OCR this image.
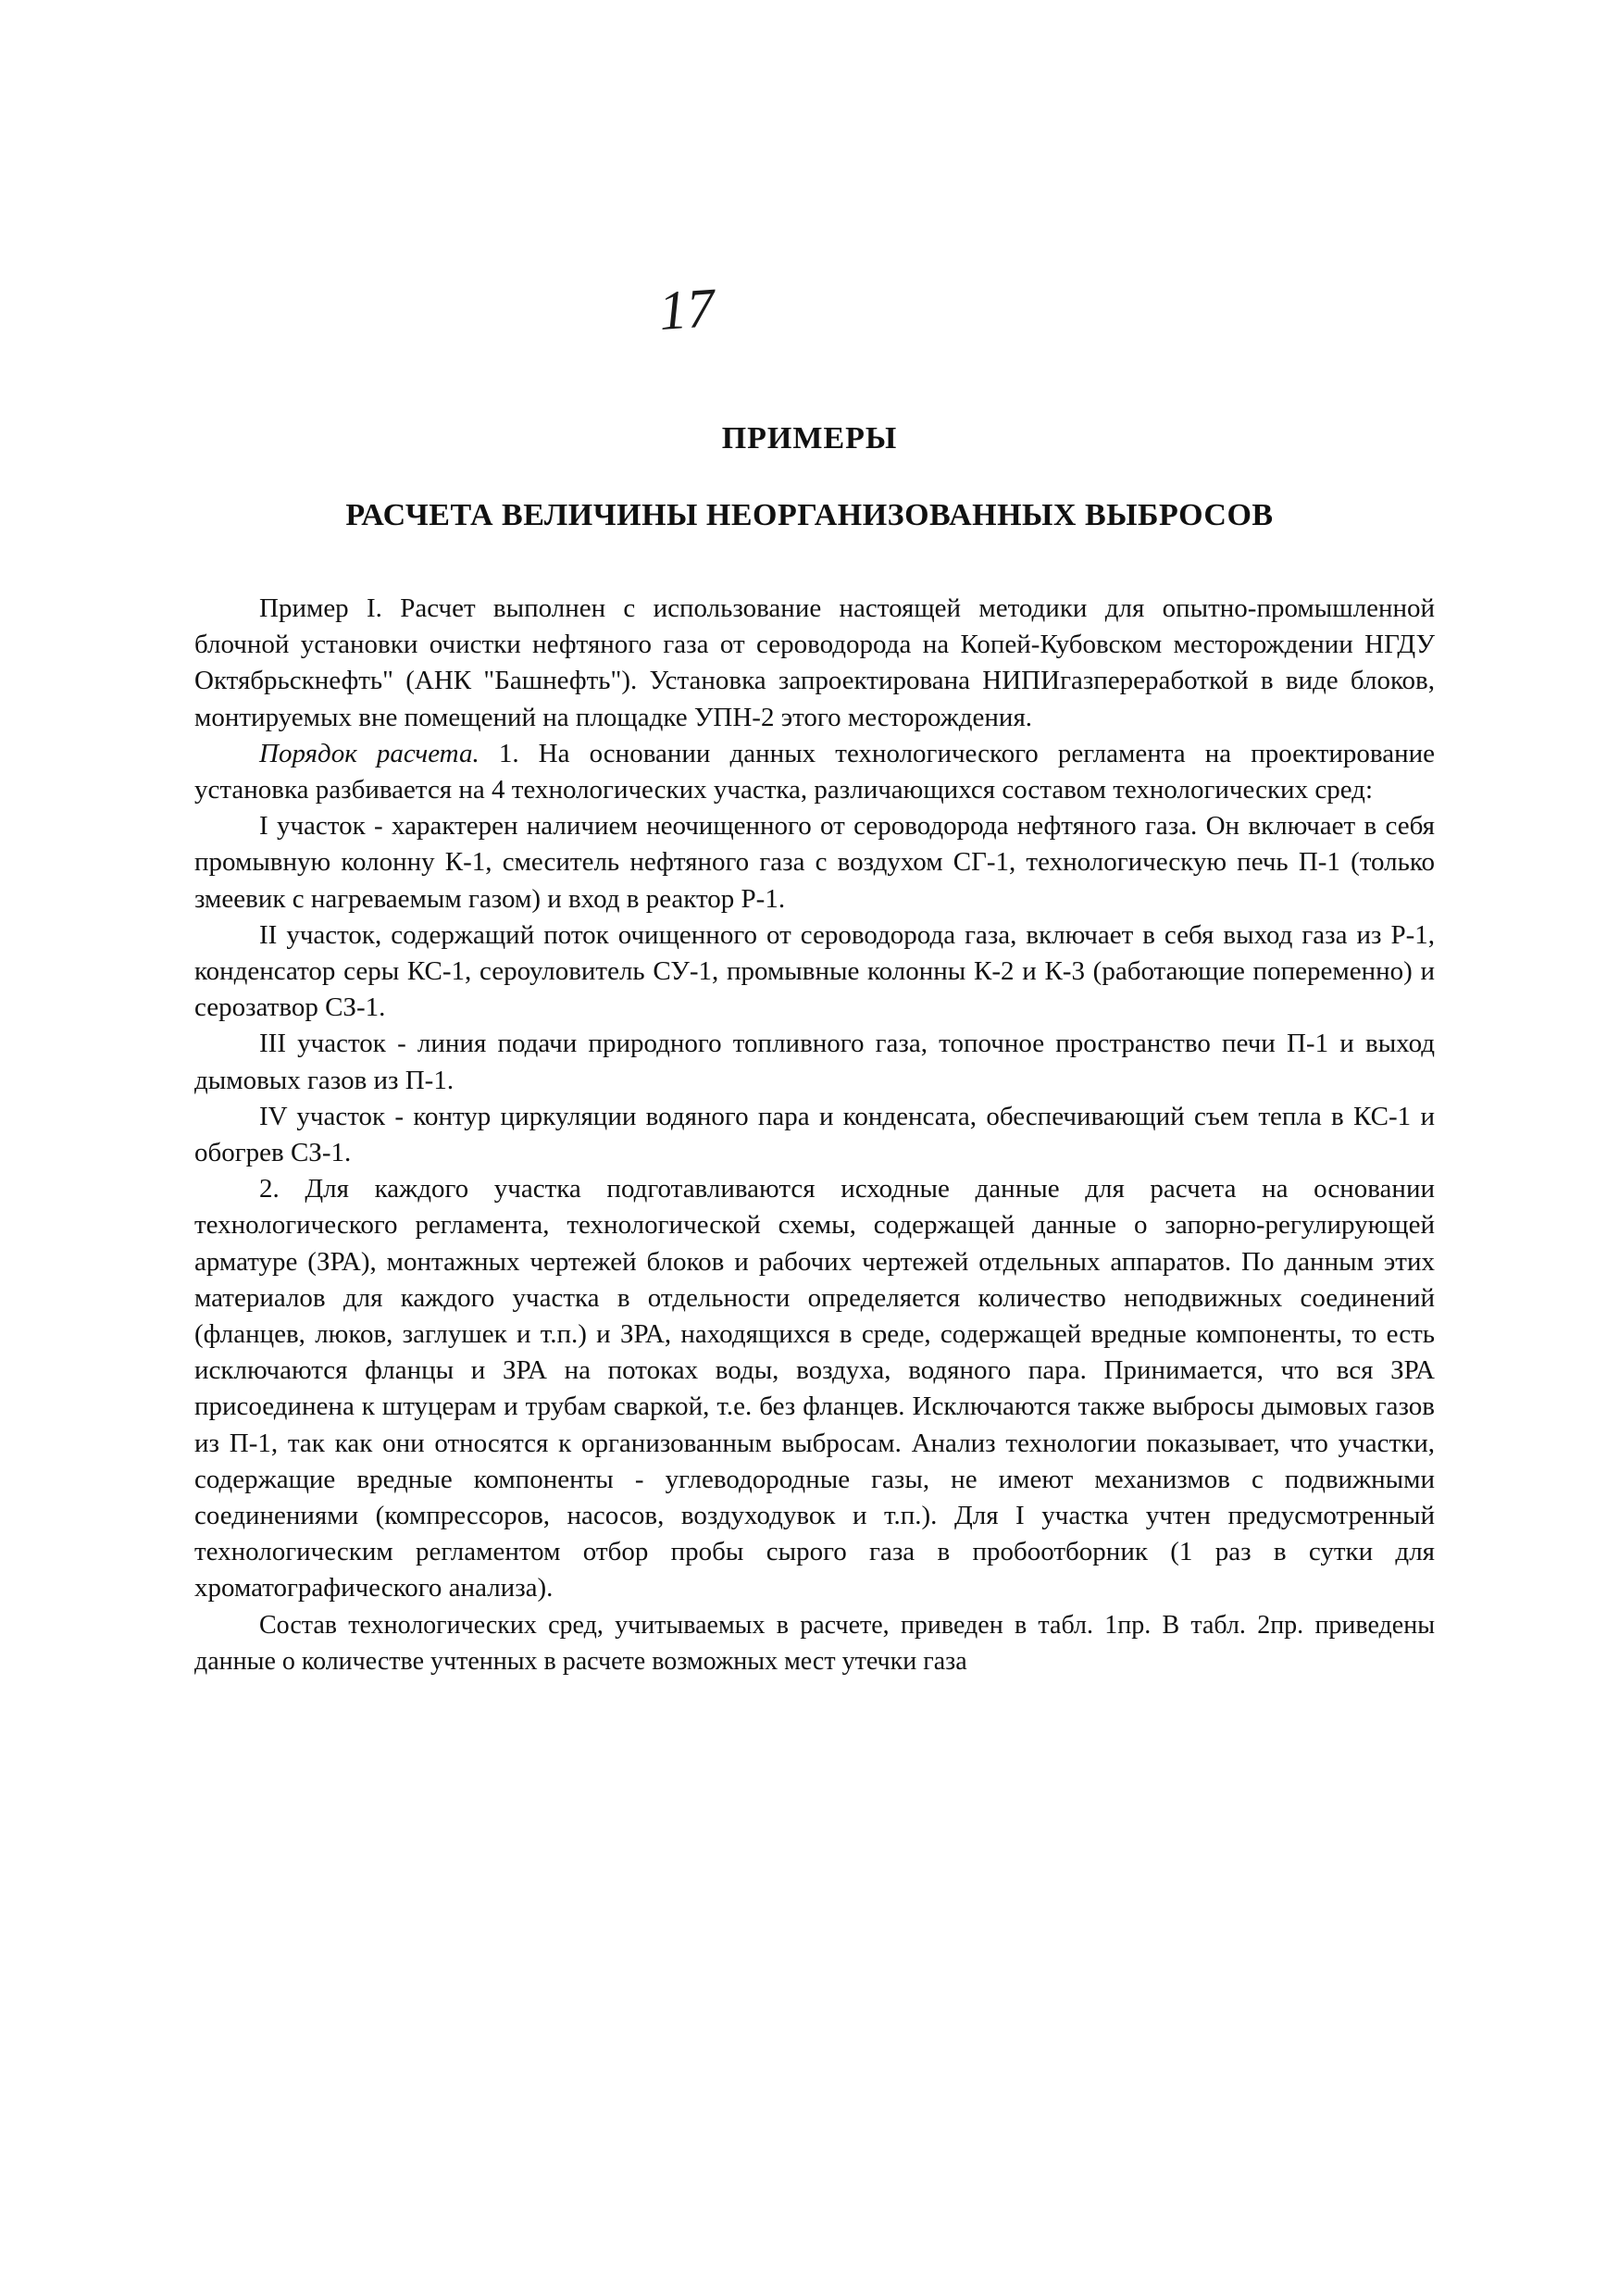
17
ПРИМЕРЫ
РАСЧЕТА ВЕЛИЧИНЫ НЕОРГАНИЗОВАННЫХ ВЫБРОСОВ

Пример I. Расчет выполнен с использование настоящей методики для опытно-промышленной блочной установки очистки нефтяного газа от сероводорода на Копей-Кубовском месторождении НГДУ Октябрьскнефть" (АНК "Башнефть"). Установка запроектирована НИПИгазпереработкой в виде блоков, монтируемых вне помещений на площадке УПН-2 этого месторождения.

Порядок расчета. 1. На основании данных технологического регламента на проектирование установка разбивается на 4 технологических участка, различающихся составом технологических сред:

I участок - характерен наличием неочищенного от сероводорода нефтяного газа. Он включает в себя промывную колонну К-1, смеситель нефтяного газа с воздухом СГ-1, технологическую печь П-1 (только змеевик с нагреваемым газом) и вход в реактор Р-1.

II участок, содержащий поток очищенного от сероводорода газа, включает в себя выход газа из Р-1, конденсатор серы КС-1, сероуловитель СУ-1, промывные колонны К-2 и К-3 (работающие попеременно) и серозатвор СЗ-1.

III участок - линия подачи природного топливного газа, топочное пространство печи П-1 и выход дымовых газов из П-1.

IV участок - контур циркуляции водяного пара и конденсата, обеспечивающий съем тепла в КС-1 и обогрев СЗ-1.

2. Для каждого участка подготавливаются исходные данные для расчета на основании технологического регламента, технологической схемы, содержащей данные о запорно-регулирующей арматуре (ЗРА), монтажных чертежей блоков и рабочих чертежей отдельных аппаратов. По данным этих материалов для каждого участка в отдельности определяется количество неподвижных соединений (фланцев, люков, заглушек и т.п.) и ЗРА, находящихся в среде, содержащей вредные компоненты, то есть исключаются фланцы и ЗРА на потоках воды, воздуха, водяного пара. Принимается, что вся ЗРА присоединена к штуцерам и трубам сваркой, т.е. без фланцев. Исключаются также выбросы дымовых газов из П-1, так как они относятся к организованным выбросам. Анализ технологии показывает, что участки, содержащие вредные компоненты - углеводородные газы, не имеют механизмов с подвижными соединениями (компрессоров, насосов, воздуходувок и т.п.). Для I участка учтен предусмотренный технологическим регламентом отбор пробы сырого газа в пробоотборник (1 раз в сутки для хроматографического анализа).

Состав технологических сред, учитываемых в расчете, приведен в табл. 1пр. В табл. 2пр. приведены данные о количестве учтенных в расчете возможных мест утечки газа
